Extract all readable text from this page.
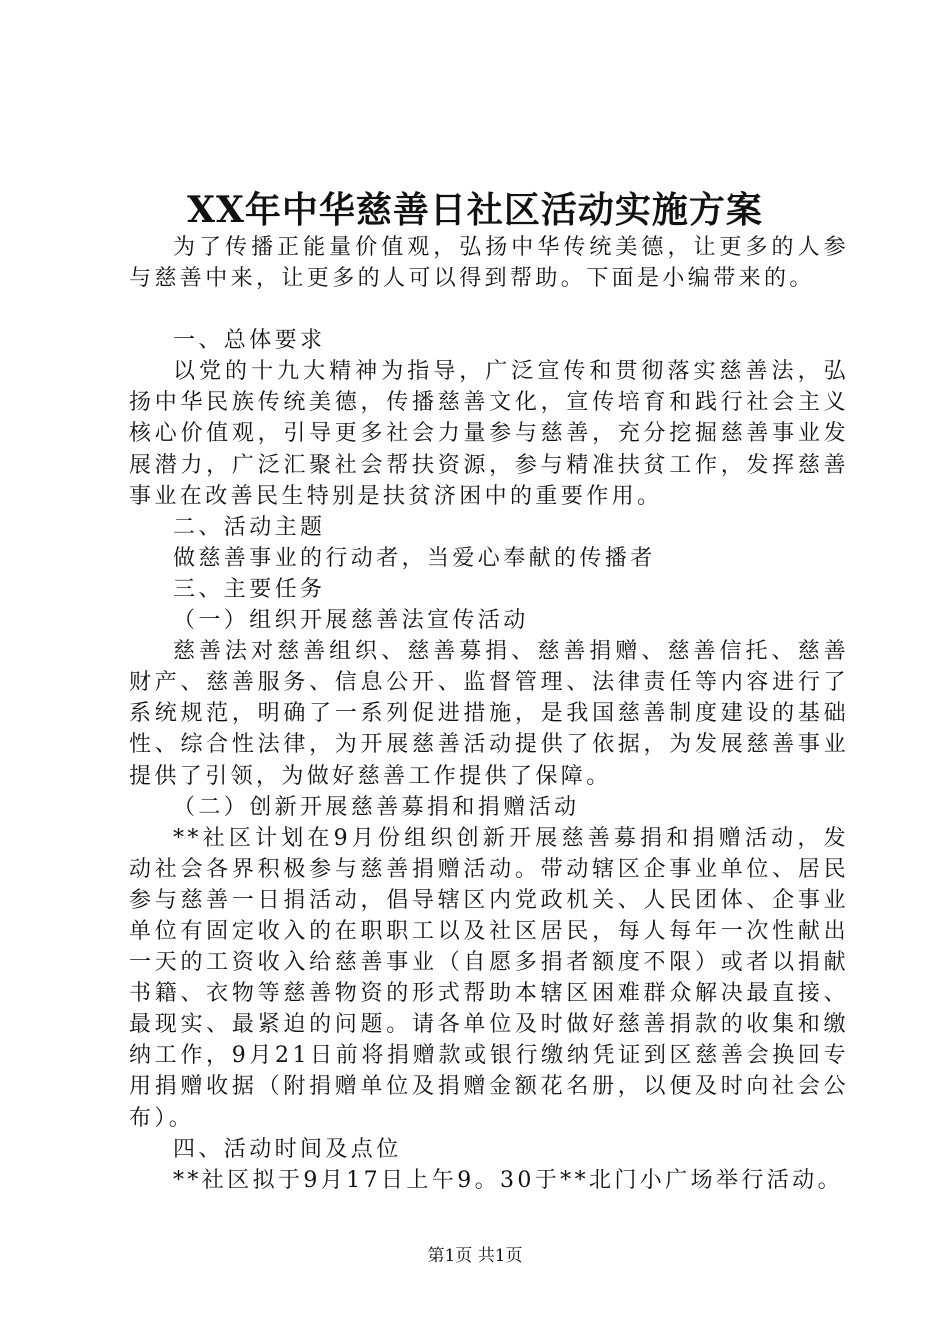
XX年中华慈善日社区活动实施方案

为了传播正能量价值观，弘扬中华传统美德，让更多的人参与慈善中来，让更多的人可以得到帮助。下面是小编带来的。

一、总体要求

以党的十九大精神为指导，广泛宣传和贯彻落实慈善法，弘扬中华民族传统美德，传播慈善文化，宣传培育和践行社会主义核心价值观，引导更多社会力量参与慈善，充分挖掘慈善事业发展潜力，广泛汇聚社会帮扶资源，参与精准扶贫工作，发挥慈善事业在改善民生特别是扶贫济困中的重要作用。

二、活动主题

做慈善事业的行动者，当爱心奉献的传播者

三、主要任务

（一）组织开展慈善法宣传活动

慈善法对慈善组织、慈善募捐、慈善捐赠、慈善信托、慈善财产、慈善服务、信息公开、监督管理、法律责任等内容进行了系统规范，明确了一系列促进措施，是我国慈善制度建设的基础性、综合性法律，为开展慈善活动提供了依据，为发展慈善事业提供了引领，为做好慈善工作提供了保障。

（二）创新开展慈善募捐和捐赠活动

**社区计划在9月份组织创新开展慈善募捐和捐赠活动，发动社会各界积极参与慈善捐赠活动。带动辖区企事业单位、居民参与慈善一日捐活动，倡导辖区内党政机关、人民团体、企事业单位有固定收入的在职职工以及社区居民，每人每年一次性献出一天的工资收入给慈善事业（自愿多捐者额度不限）或者以捐献书籍、衣物等慈善物资的形式帮助本辖区困难群众解决最直接、最现实、最紧迫的问题。请各单位及时做好慈善捐款的收集和缴纳工作，9月21日前将捐赠款或银行缴纳凭证到区慈善会换回专用捐赠收据（附捐赠单位及捐赠金额花名册，以便及时向社会公布）。

四、活动时间及点位

**社区拟于9月17日上午9。30于**北门小广场举行活动。

第1页 共1页
